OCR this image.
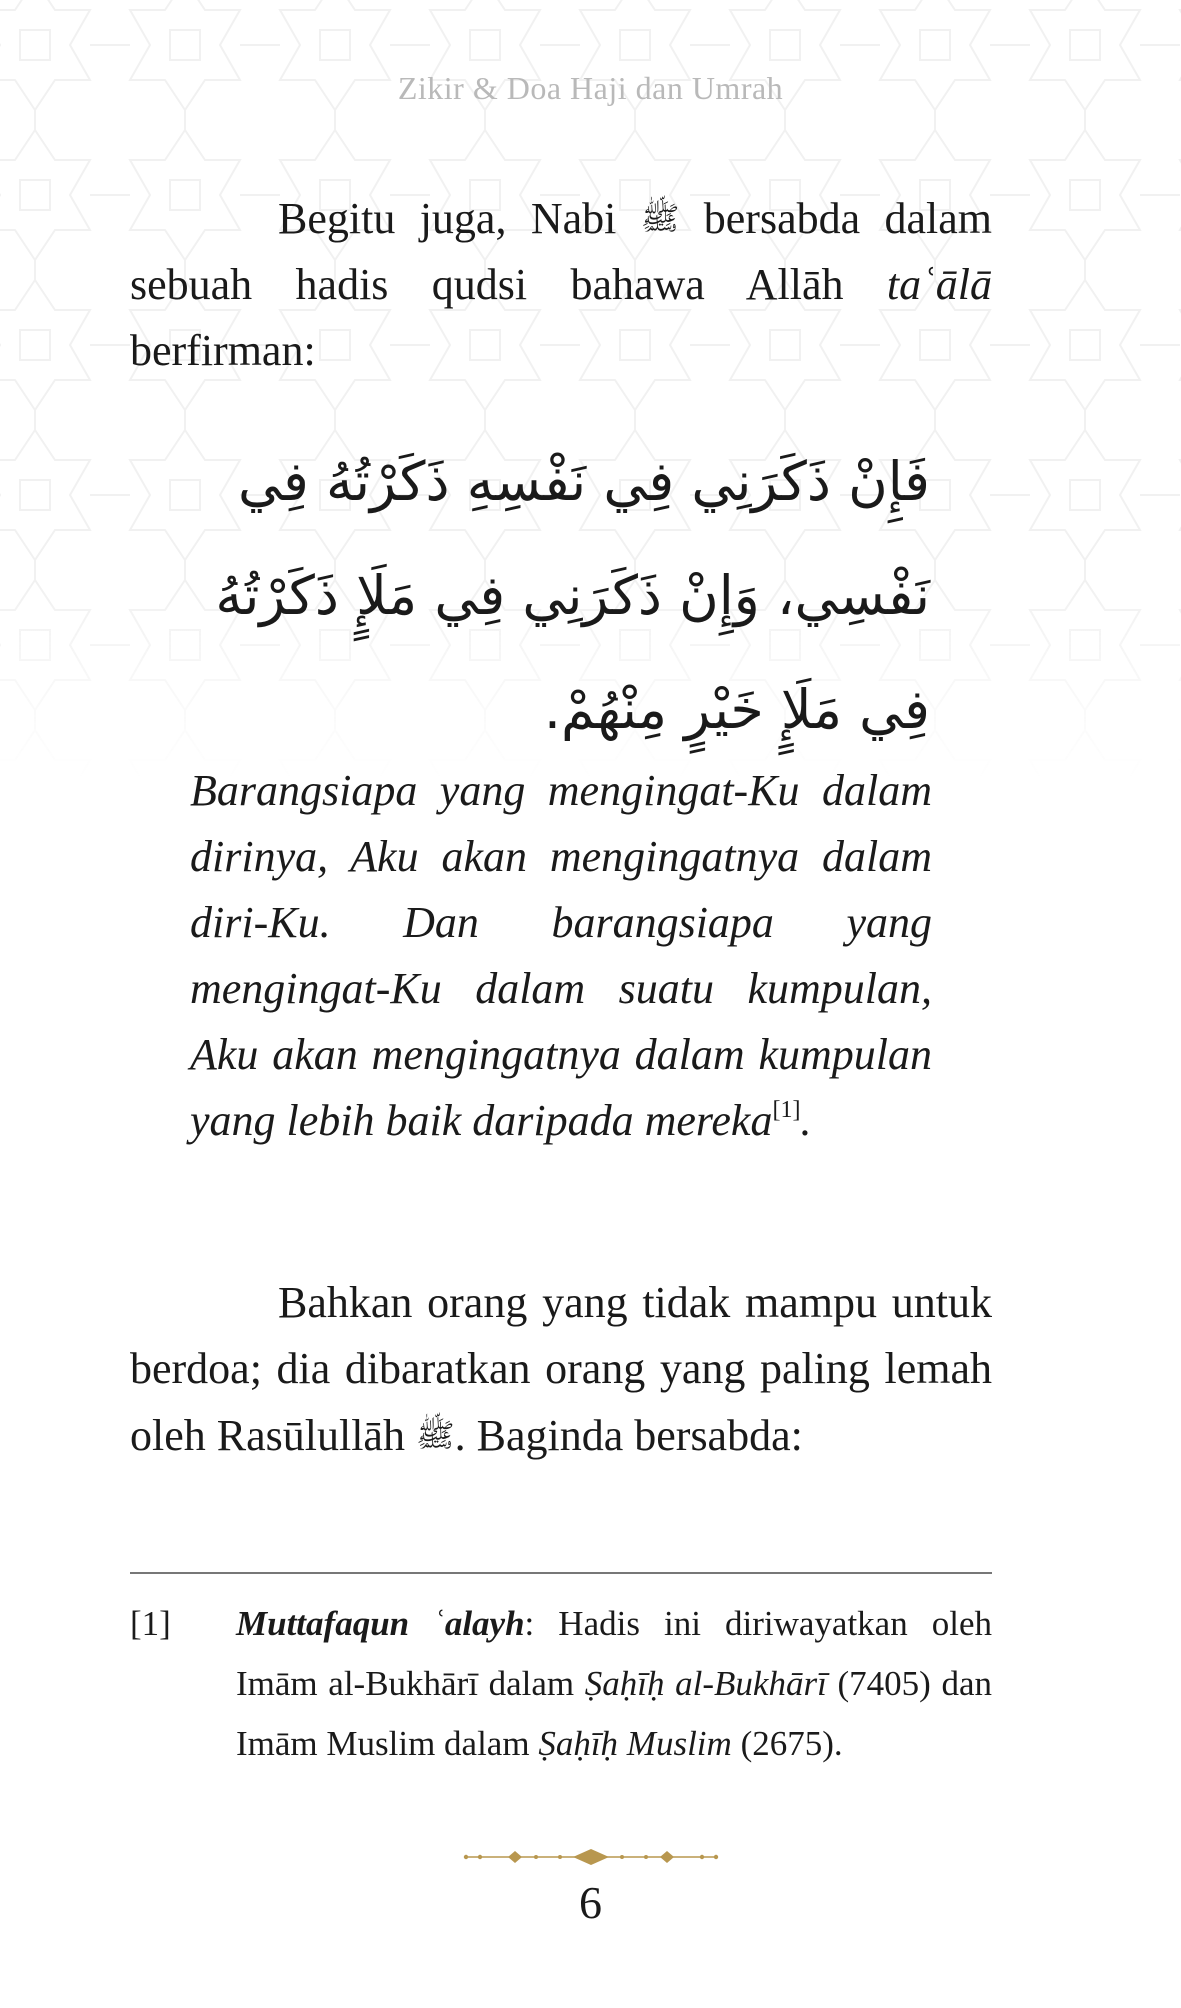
Zikir & Doa Haji dan Umrah

Begitu juga, Nabi ﷺ bersabda dalam sebuah hadis qudsi bahawa Allāh taʿālā berfirman:

فَإِنْ ذَكَرَنِي فِي نَفْسِهِ ذَكَرْتُهُ فِي نَفْسِي، وَإِنْ ذَكَرَنِي فِي مَلَإٍ ذَكَرْتُهُ فِي مَلَإٍ خَيْرٍ مِنْهُمْ.

Barangsiapa yang mengingat-Ku dalam dirinya, Aku akan mengingatnya dalam diri-Ku. Dan barangsiapa yang mengingat-Ku dalam suatu kumpulan, Aku akan mengingatnya dalam kumpulan yang lebih baik daripada mereka[1].

Bahkan orang yang tidak mampu untuk berdoa; dia dibaratkan orang yang paling lemah oleh Rasūlullāh ﷺ. Baginda bersabda:

[1]	Muttafaqun ʿalayh: Hadis ini diriwayatkan oleh Imām al-Bukhārī dalam Ṣaḥīḥ al-Bukhārī (7405) dan Imām Muslim dalam Ṣaḥīḥ Muslim (2675).
6
